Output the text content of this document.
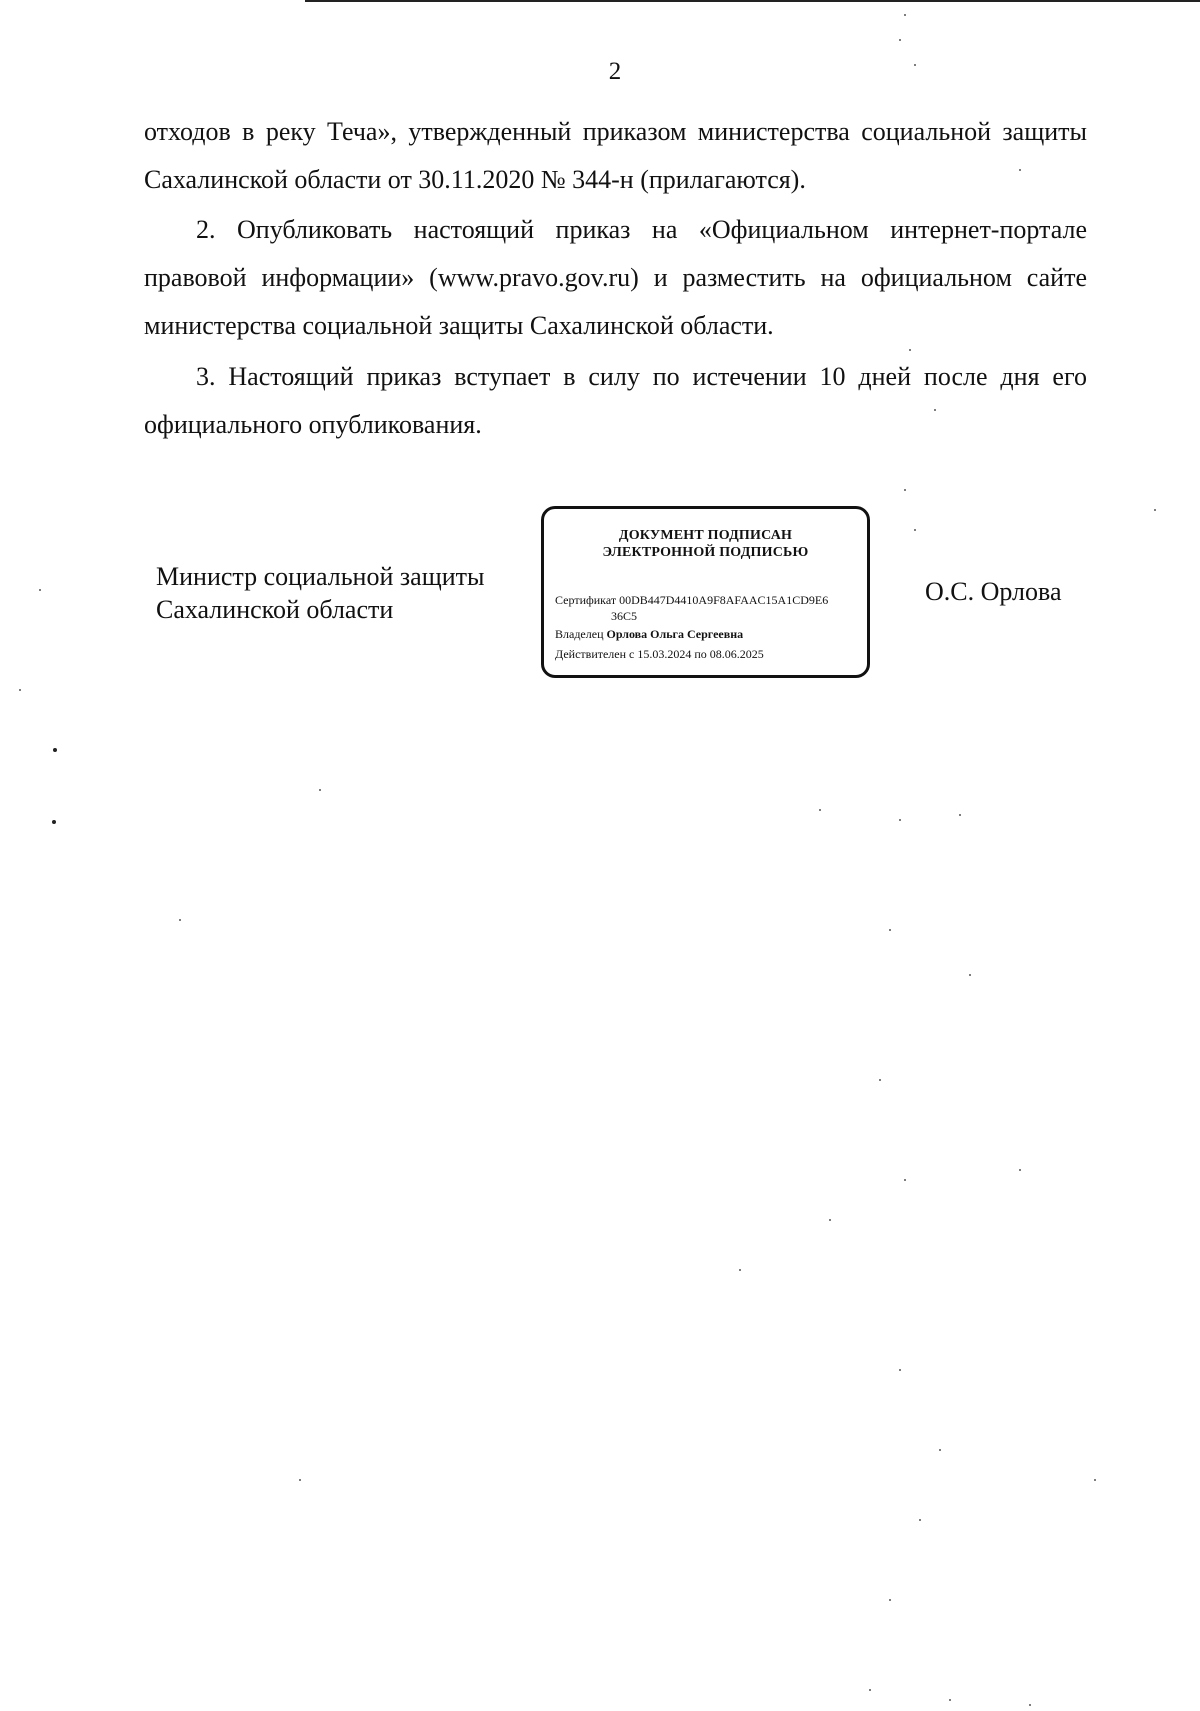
2

отходов в реку Теча», утвержденный приказом министерства социальной защиты Сахалинской области от 30.11.2020 № 344-н (прилагаются).

2. Опубликовать настоящий приказ на «Официальном интернет-портале правовой информации» (www.pravo.gov.ru) и разместить на официальном сайте министерства социальной защиты Сахалинской области.

3. Настоящий приказ вступает в силу по истечении 10 дней после дня его официального опубликования.

Министр социальной защиты
Сахалинской области
ДОКУМЕНТ ПОДПИСАН
ЭЛЕКТРОННОЙ ПОДПИСЬЮ
Сертификат 00DB447D4410A9F8AFAAC15A1CD9E6
36C5
Владелец Орлова Ольга Сергеевна
Действителен с 15.03.2024 по 08.06.2025
О.С. Орлова
